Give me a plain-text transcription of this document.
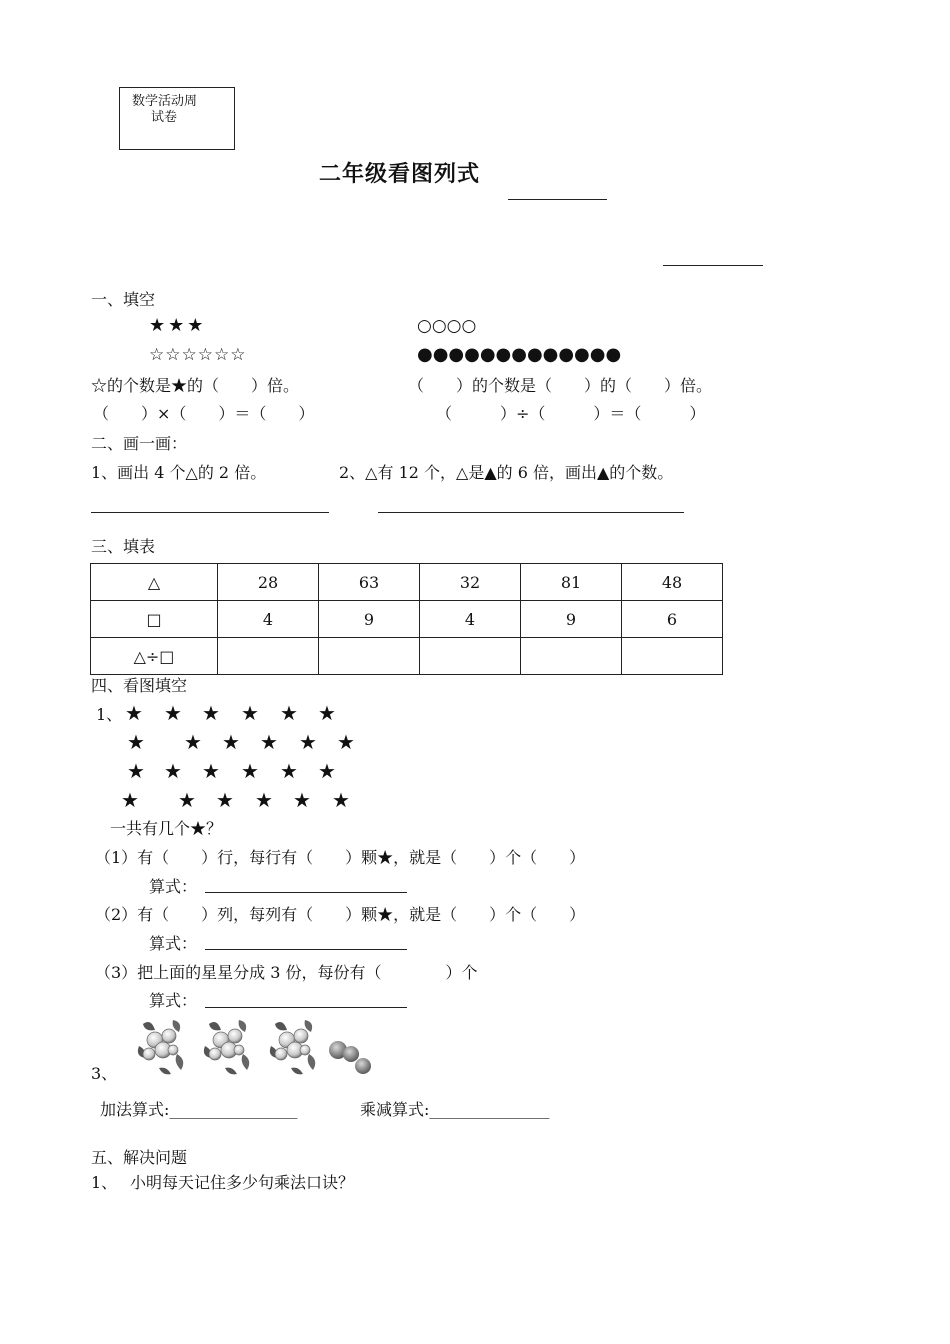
数学活动周
试卷
二年级看图列式
一、填空
★★★
☆☆☆☆☆☆
○○○○
●●●●●●●●●●●●●
☆的个数是★的（　　）倍。	（　　）的个数是（　　）的（　　）倍。
（　　）×（　　）＝（　　）	（　　　）÷（　　　）＝（　　　）
二、画一画：
1、画出 4 个△的 2 倍。	2、△有 12 个，△是▲的 6 倍，画出▲的个数。
三、填表
△	28	63	32	81	48
□	4	9	4	9	6
△÷□					
四、看图填空
1、 ★ ★ ★ ★ ★ ★
★ ★ ★ ★ ★ ★
★ ★ ★ ★ ★ ★
★ ★ ★ ★ ★ ★
一共有几个★？
（1）有（　　）行，每行有（　　）颗★，就是（　　）个（　　）
算式：
（2）有（　　）列，每列有（　　）颗★，就是（　　）个（　　）
算式：
（3）把上面的星星分成 3 份，每份有（　　　　）个
算式：
3、
加法算式:________________	乘减算式:_______________
五、解决问题
1、 小明每天记住多少句乘法口诀？
